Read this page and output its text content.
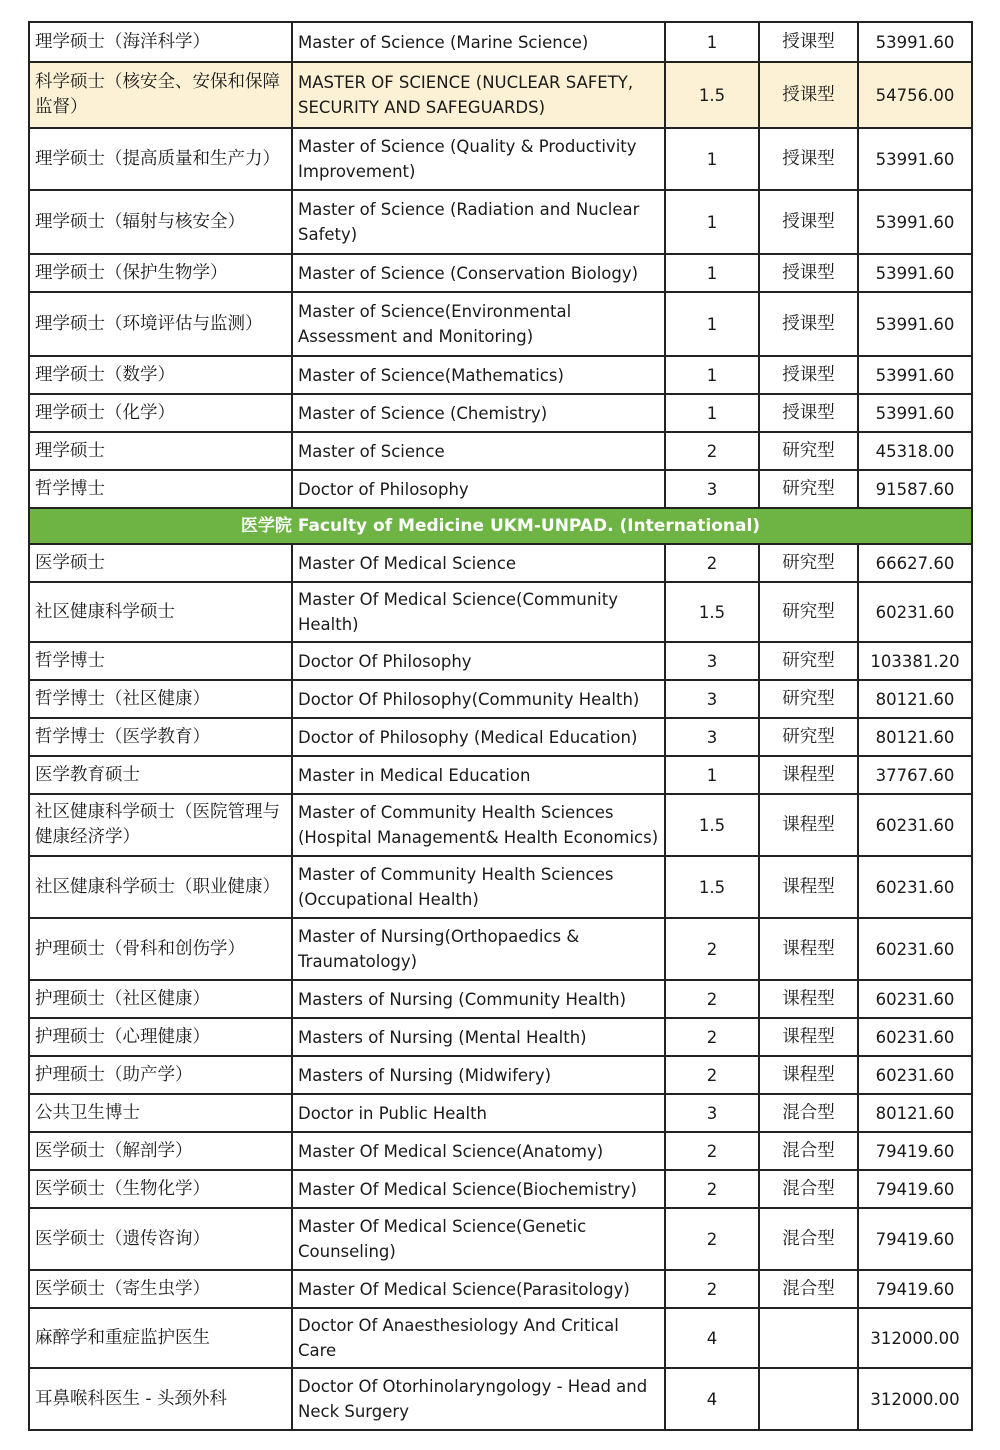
理学硕士（海洋科学）	Master of Science (Marine Science)	1	授课型	53991.60
科学硕士（核安全、安保和保障监督）	MASTER OF SCIENCE (NUCLEAR SAFETY, SECURITY AND SAFEGUARDS)	1.5	授课型	54756.00
理学硕士（提高质量和生产力）	Master of Science (Quality & Productivity Improvement)	1	授课型	53991.60
理学硕士（辐射与核安全）	Master of Science (Radiation and Nuclear Safety)	1	授课型	53991.60
理学硕士（保护生物学）	Master of Science (Conservation Biology)	1	授课型	53991.60
理学硕士（环境评估与监测）	Master of Science(Environmental Assessment and Monitoring)	1	授课型	53991.60
理学硕士（数学）	Master of Science(Mathematics)	1	授课型	53991.60
理学硕士（化学）	Master of Science (Chemistry)	1	授课型	53991.60
理学硕士	Master of Science	2	研究型	45318.00
哲学博士	Doctor of Philosophy	3	研究型	91587.60
医学院 Faculty of Medicine UKM-UNPAD. (International)				
医学硕士	Master Of Medical Science	2	研究型	66627.60
社区健康科学硕士	Master Of Medical Science(Community Health)	1.5	研究型	60231.60
哲学博士	Doctor Of Philosophy	3	研究型	103381.20
哲学博士（社区健康）	Doctor Of Philosophy(Community Health)	3	研究型	80121.60
哲学博士（医学教育）	Doctor of Philosophy (Medical Education)	3	研究型	80121.60
医学教育硕士	Master in Medical Education	1	课程型	37767.60
社区健康科学硕士（医院管理与健康经济学）	Master of Community Health Sciences (Hospital Management& Health Economics)	1.5	课程型	60231.60
社区健康科学硕士（职业健康）	Master of Community Health Sciences (Occupational Health)	1.5	课程型	60231.60
护理硕士（骨科和创伤学）	Master of Nursing(Orthopaedics & Traumatology)	2	课程型	60231.60
护理硕士（社区健康）	Masters of Nursing (Community Health)	2	课程型	60231.60
护理硕士（心理健康）	Masters of Nursing (Mental Health)	2	课程型	60231.60
护理硕士（助产学）	Masters of Nursing (Midwifery)	2	课程型	60231.60
公共卫生博士	Doctor in Public Health	3	混合型	80121.60
医学硕士（解剖学）	Master Of Medical Science(Anatomy)	2	混合型	79419.60
医学硕士（生物化学）	Master Of Medical Science(Biochemistry)	2	混合型	79419.60
医学硕士（遗传咨询）	Master Of Medical Science(Genetic Counseling)	2	混合型	79419.60
医学硕士（寄生虫学）	Master Of Medical Science(Parasitology)	2	混合型	79419.60
麻醉学和重症监护医生	Doctor Of Anaesthesiology And Critical Care	4		312000.00
耳鼻喉科医生 - 头颈外科	Doctor Of Otorhinolaryngology - Head and Neck Surgery	4		312000.00
